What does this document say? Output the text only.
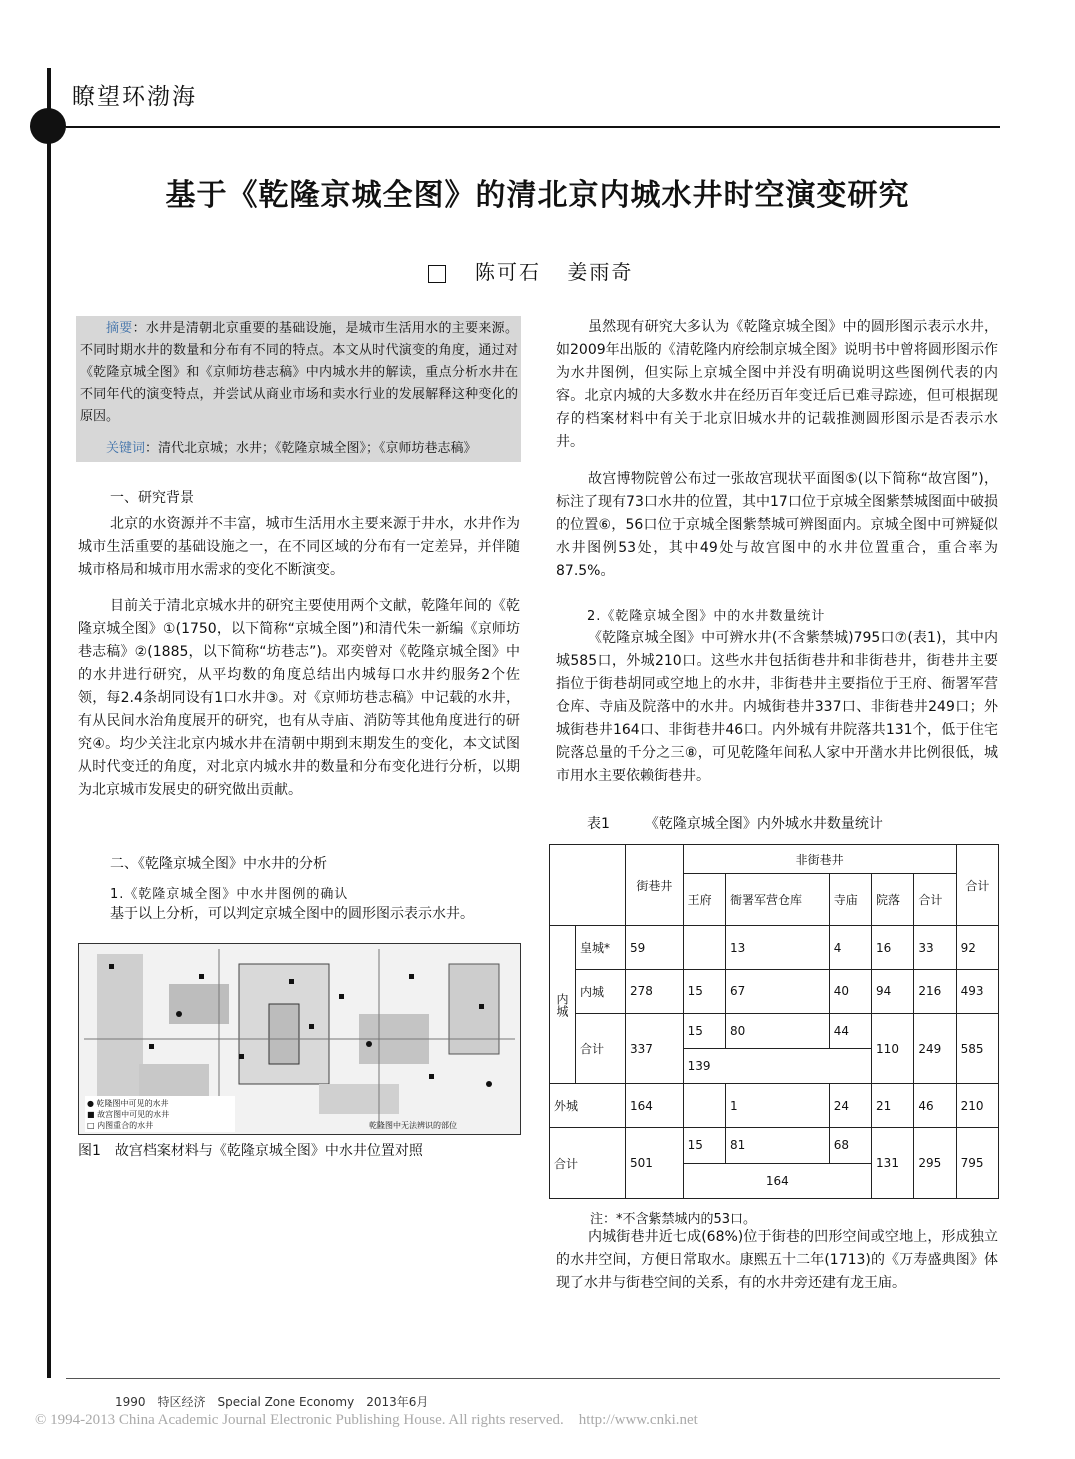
瞭望环渤海
基于《乾隆京城全图》的清北京内城水井时空演变研究
陈可石 姜雨奇
摘要：水井是清朝北京重要的基础设施，是城市生活用水的主要来源。不同时期水井的数量和分布有不同的特点。本文从时代演变的角度，通过对《乾隆京城全图》和《京师坊巷志稿》中内城水井的解读，重点分析水井在不同年代的演变特点，并尝试从商业市场和卖水行业的发展解释这种变化的原因。
关键词：清代北京城；水井；《乾隆京城全图》；《京师坊巷志稿》
一、研究背景
北京的水资源并不丰富，城市生活用水主要来源于井水，水井作为城市生活重要的基础设施之一，在不同区域的分布有一定差异，并伴随城市格局和城市用水需求的变化不断演变。
目前关于清北京城水井的研究主要使用两个文献，乾隆年间的《乾隆京城全图》①(1750，以下简称“京城全图”)和清代朱一新编《京师坊巷志稿》②(1885，以下简称“坊巷志”)。邓奕曾对《乾隆京城全图》中的水井进行研究，从平均数的角度总结出内城每口水井约服务2个佐领，每2.4条胡同设有1口水井③。对《京师坊巷志稿》中记载的水井，有从民间水治角度展开的研究，也有从寺庙、消防等其他角度进行的研究④。均少关注北京内城水井在清朝中期到末期发生的变化，本文试图从时代变迁的角度，对北京内城水井的数量和分布变化进行分析，以期为北京城市发展史的研究做出贡献。
二、《乾隆京城全图》中水井的分析
1.《乾隆京城全图》中水井图例的确认
基于以上分析，可以判定京城全图中的圆形图示表示水井。
● 乾隆图中可见的水井
■ 故宫图中可见的水井
□ 内图重合的水井	乾隆图中无法辨识的部位
图1　故宫档案材料与《乾隆京城全图》中水井位置对照
虽然现有研究大多认为《乾隆京城全图》中的圆形图示表示水井，如2009年出版的《清乾隆内府绘制京城全图》说明书中曾将圆形图示作为水井图例，但实际上京城全图中并没有明确说明这些图例代表的内容。北京内城的大多数水井在经历百年变迁后已难寻踪迹，但可根据现存的档案材料中有关于北京旧城水井的记载推测圆形图示是否表示水井。
故宫博物院曾公布过一张故宫现状平面图⑤(以下简称“故宫图”)，标注了现有73口水井的位置，其中17口位于京城全图紫禁城图面中破损的位置⑥，56口位于京城全图紫禁城可辨图面内。京城全图中可辨疑似水井图例53处，其中49处与故宫图中的水井位置重合，重合率为87.5%。
2.《乾隆京城全图》中的水井数量统计
《乾隆京城全图》中可辨水井(不含紫禁城)795口⑦(表1)，其中内城585口，外城210口。这些水井包括街巷井和非街巷井，街巷井主要指位于街巷胡同或空地上的水井，非街巷井主要指位于王府、衙署军营仓库、寺庙及院落中的水井。内城街巷井337口、非街巷井249口；外城街巷井164口、非街巷井46口。内外城有井院落共131个，低于住宅院落总量的千分之三⑧，可见乾隆年间私人家中开凿水井比例很低，城市用水主要依赖街巷井。
表1　　　《乾隆京城全图》内外城水井数量统计
		街巷井	非街巷井					合计
			王府	衙署军营仓库	寺庙	院落	合计	
内城	皇城*	59		13	4	16	33	92
	内城	278	15	67	40	94	216	493
	合计	337	15	80	44	110	249	585
			139					
外城		164		1	24	21	46	210
合计		501	15	81	68	131	295	795
			164					
注：*不含紫禁城内的53口。
内城街巷井近七成(68%)位于街巷的凹形空间或空地上，形成独立的水井空间，方便日常取水。康熙五十二年(1713)的《万寿盛典图》体现了水井与街巷空间的关系，有的水井旁还建有龙王庙。
1990　特区经济　Special Zone Economy　2013年6月
© 1994-2013 China Academic Journal Electronic Publishing House. All rights reserved.　http://www.cnki.net
